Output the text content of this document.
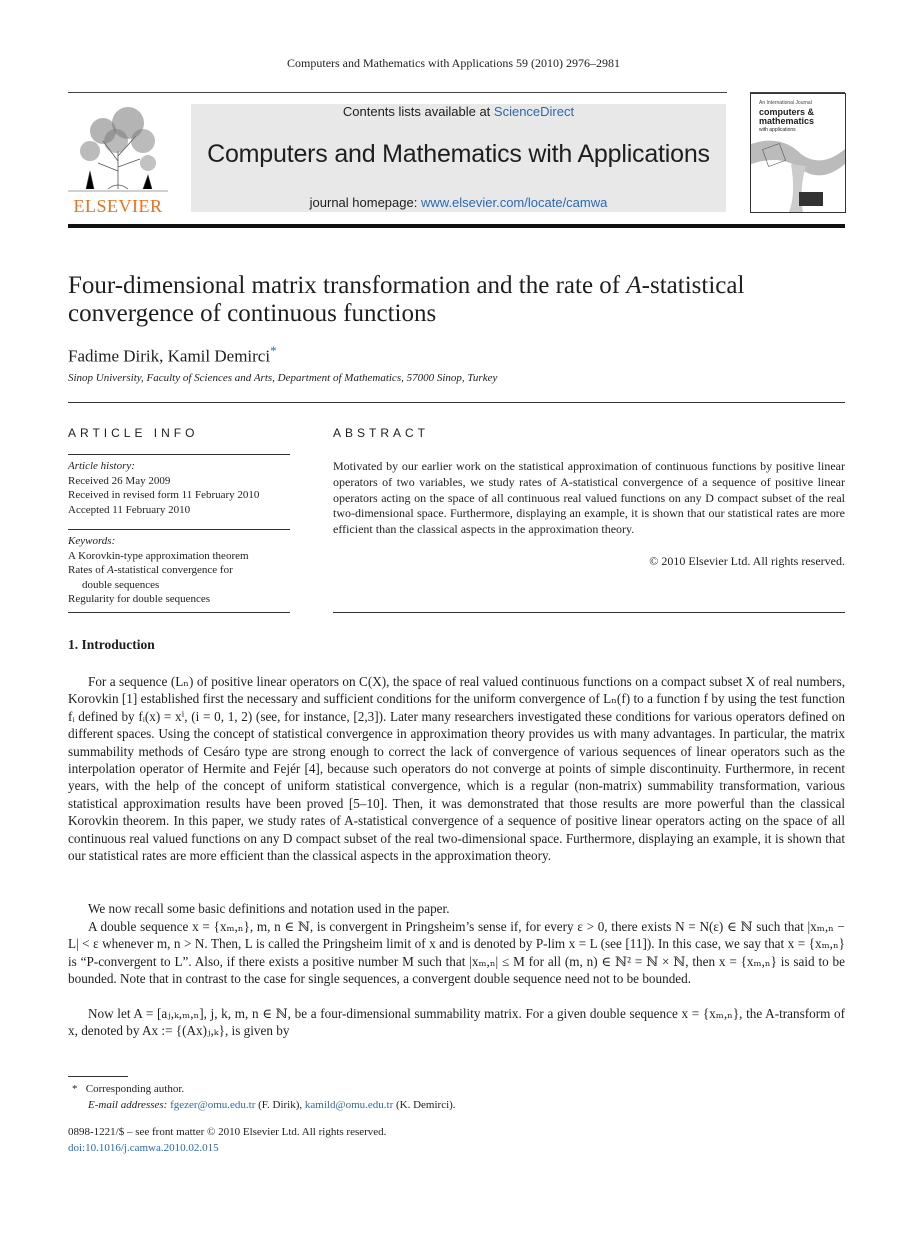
Computers and Mathematics with Applications 59 (2010) 2976–2981
ELSEVIER
Contents lists available at ScienceDirect
Computers and Mathematics with Applications
journal homepage: www.elsevier.com/locate/camwa
An International Journal
computers &
mathematics
with applications
Four-dimensional matrix transformation and the rate of A-statistical convergence of continuous functions
Fadime Dirik, Kamil Demirci*
Sinop University, Faculty of Sciences and Arts, Department of Mathematics, 57000 Sinop, Turkey
ARTICLE INFO
Article history:
Received 26 May 2009
Received in revised form 11 February 2010
Accepted 11 February 2010
Keywords:
A Korovkin-type approximation theorem
Rates of A-statistical convergence for
double sequences
Regularity for double sequences
ABSTRACT
Motivated by our earlier work on the statistical approximation of continuous functions by positive linear operators of two variables, we study rates of A-statistical convergence of a sequence of positive linear operators acting on the space of all continuous real valued functions on any D compact subset of the real two-dimensional space. Furthermore, displaying an example, it is shown that our statistical rates are more efficient than the classical aspects in the approximation theory.
© 2010 Elsevier Ltd. All rights reserved.
1. Introduction
For a sequence (Lₙ) of positive linear operators on C(X), the space of real valued continuous functions on a compact subset X of real numbers, Korovkin [1] established first the necessary and sufficient conditions for the uniform convergence of Lₙ(f) to a function f by using the test function fᵢ defined by fᵢ(x) = xⁱ, (i = 0, 1, 2) (see, for instance, [2,3]). Later many researchers investigated these conditions for various operators defined on different spaces. Using the concept of statistical convergence in approximation theory provides us with many advantages. In particular, the matrix summability methods of Cesáro type are strong enough to correct the lack of convergence of various sequences of linear operators such as the interpolation operator of Hermite and Fejér [4], because such operators do not converge at points of simple discontinuity. Furthermore, in recent years, with the help of the concept of uniform statistical convergence, which is a regular (non-matrix) summability transformation, various statistical approximation results have been proved [5–10]. Then, it was demonstrated that those results are more powerful than the classical Korovkin theorem. In this paper, we study rates of A-statistical convergence of a sequence of positive linear operators acting on the space of all continuous real valued functions on any D compact subset of the real two-dimensional space. Furthermore, displaying an example, it is shown that our statistical rates are more efficient than the classical aspects in the approximation theory.
We now recall some basic definitions and notation used in the paper.
A double sequence x = {xₘ,ₙ}, m, n ∈ ℕ, is convergent in Pringsheim’s sense if, for every ε > 0, there exists N = N(ε) ∈ ℕ such that |xₘ,ₙ − L| < ε whenever m, n > N. Then, L is called the Pringsheim limit of x and is denoted by P-lim x = L (see [11]). In this case, we say that x = {xₘ,ₙ} is “P-convergent to L”. Also, if there exists a positive number M such that |xₘ,ₙ| ≤ M for all (m, n) ∈ ℕ² = ℕ × ℕ, then x = {xₘ,ₙ} is said to be bounded. Note that in contrast to the case for single sequences, a convergent double sequence need not to be bounded.
Now let A = [aⱼ,ₖ,ₘ,ₙ], j, k, m, n ∈ ℕ, be a four-dimensional summability matrix. For a given double sequence x = {xₘ,ₙ}, the A-transform of x, denoted by Ax := {(Ax)ⱼ,ₖ}, is given by
* Corresponding author.
E-mail addresses: fgezer@omu.edu.tr (F. Dirik), kamild@omu.edu.tr (K. Demirci).
0898-1221/$ – see front matter © 2010 Elsevier Ltd. All rights reserved.
doi:10.1016/j.camwa.2010.02.015
